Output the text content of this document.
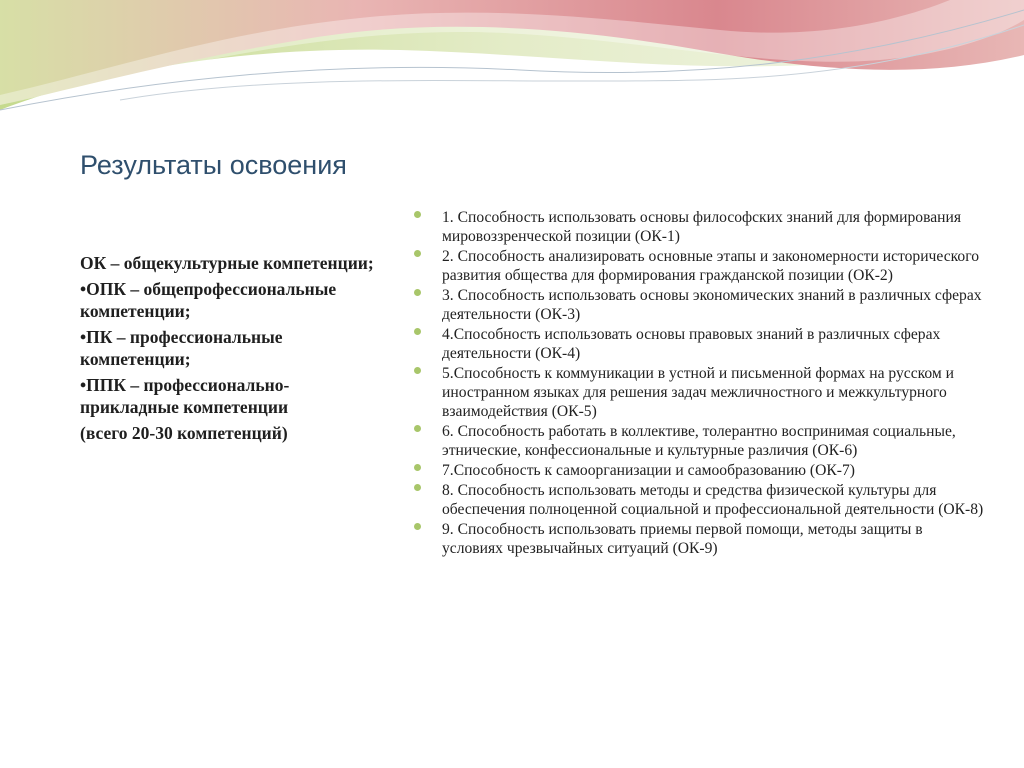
Результаты освоения

ОК – общекультурные компетенции;

•ОПК – общепрофессиональные компетенции;

•ПК – профессиональные компетенции;

•ППК – профессионально-прикладные компетенции

(всего 20-30 компетенций)

1. Способность использовать основы философских знаний для формирования мировоззренческой позиции (ОК-1)
2. Способность анализировать основные этапы и закономерности исторического развития общества для формирования гражданской позиции (ОК-2)
3. Способность использовать основы экономических знаний в различных сферах деятельности (ОК-3)
4.Способность использовать основы правовых знаний в различных сферах деятельности (ОК-4)
5.Способность к коммуникации в устной и письменной формах на русском и иностранном языках для решения задач межличностного и межкультурного взаимодействия (ОК-5)
6. Способность работать в коллективе, толерантно воспринимая социальные, этнические, конфессиональные и культурные различия (ОК-6)
7.Способность к самоорганизации и самообразованию (ОК-7)
8. Способность использовать методы и средства физической культуры для обеспечения полноценной социальной и профессиональной деятельности (ОК-8)
9. Способность использовать приемы первой помощи, методы защиты в условиях чрезвычайных ситуаций (ОК-9)
